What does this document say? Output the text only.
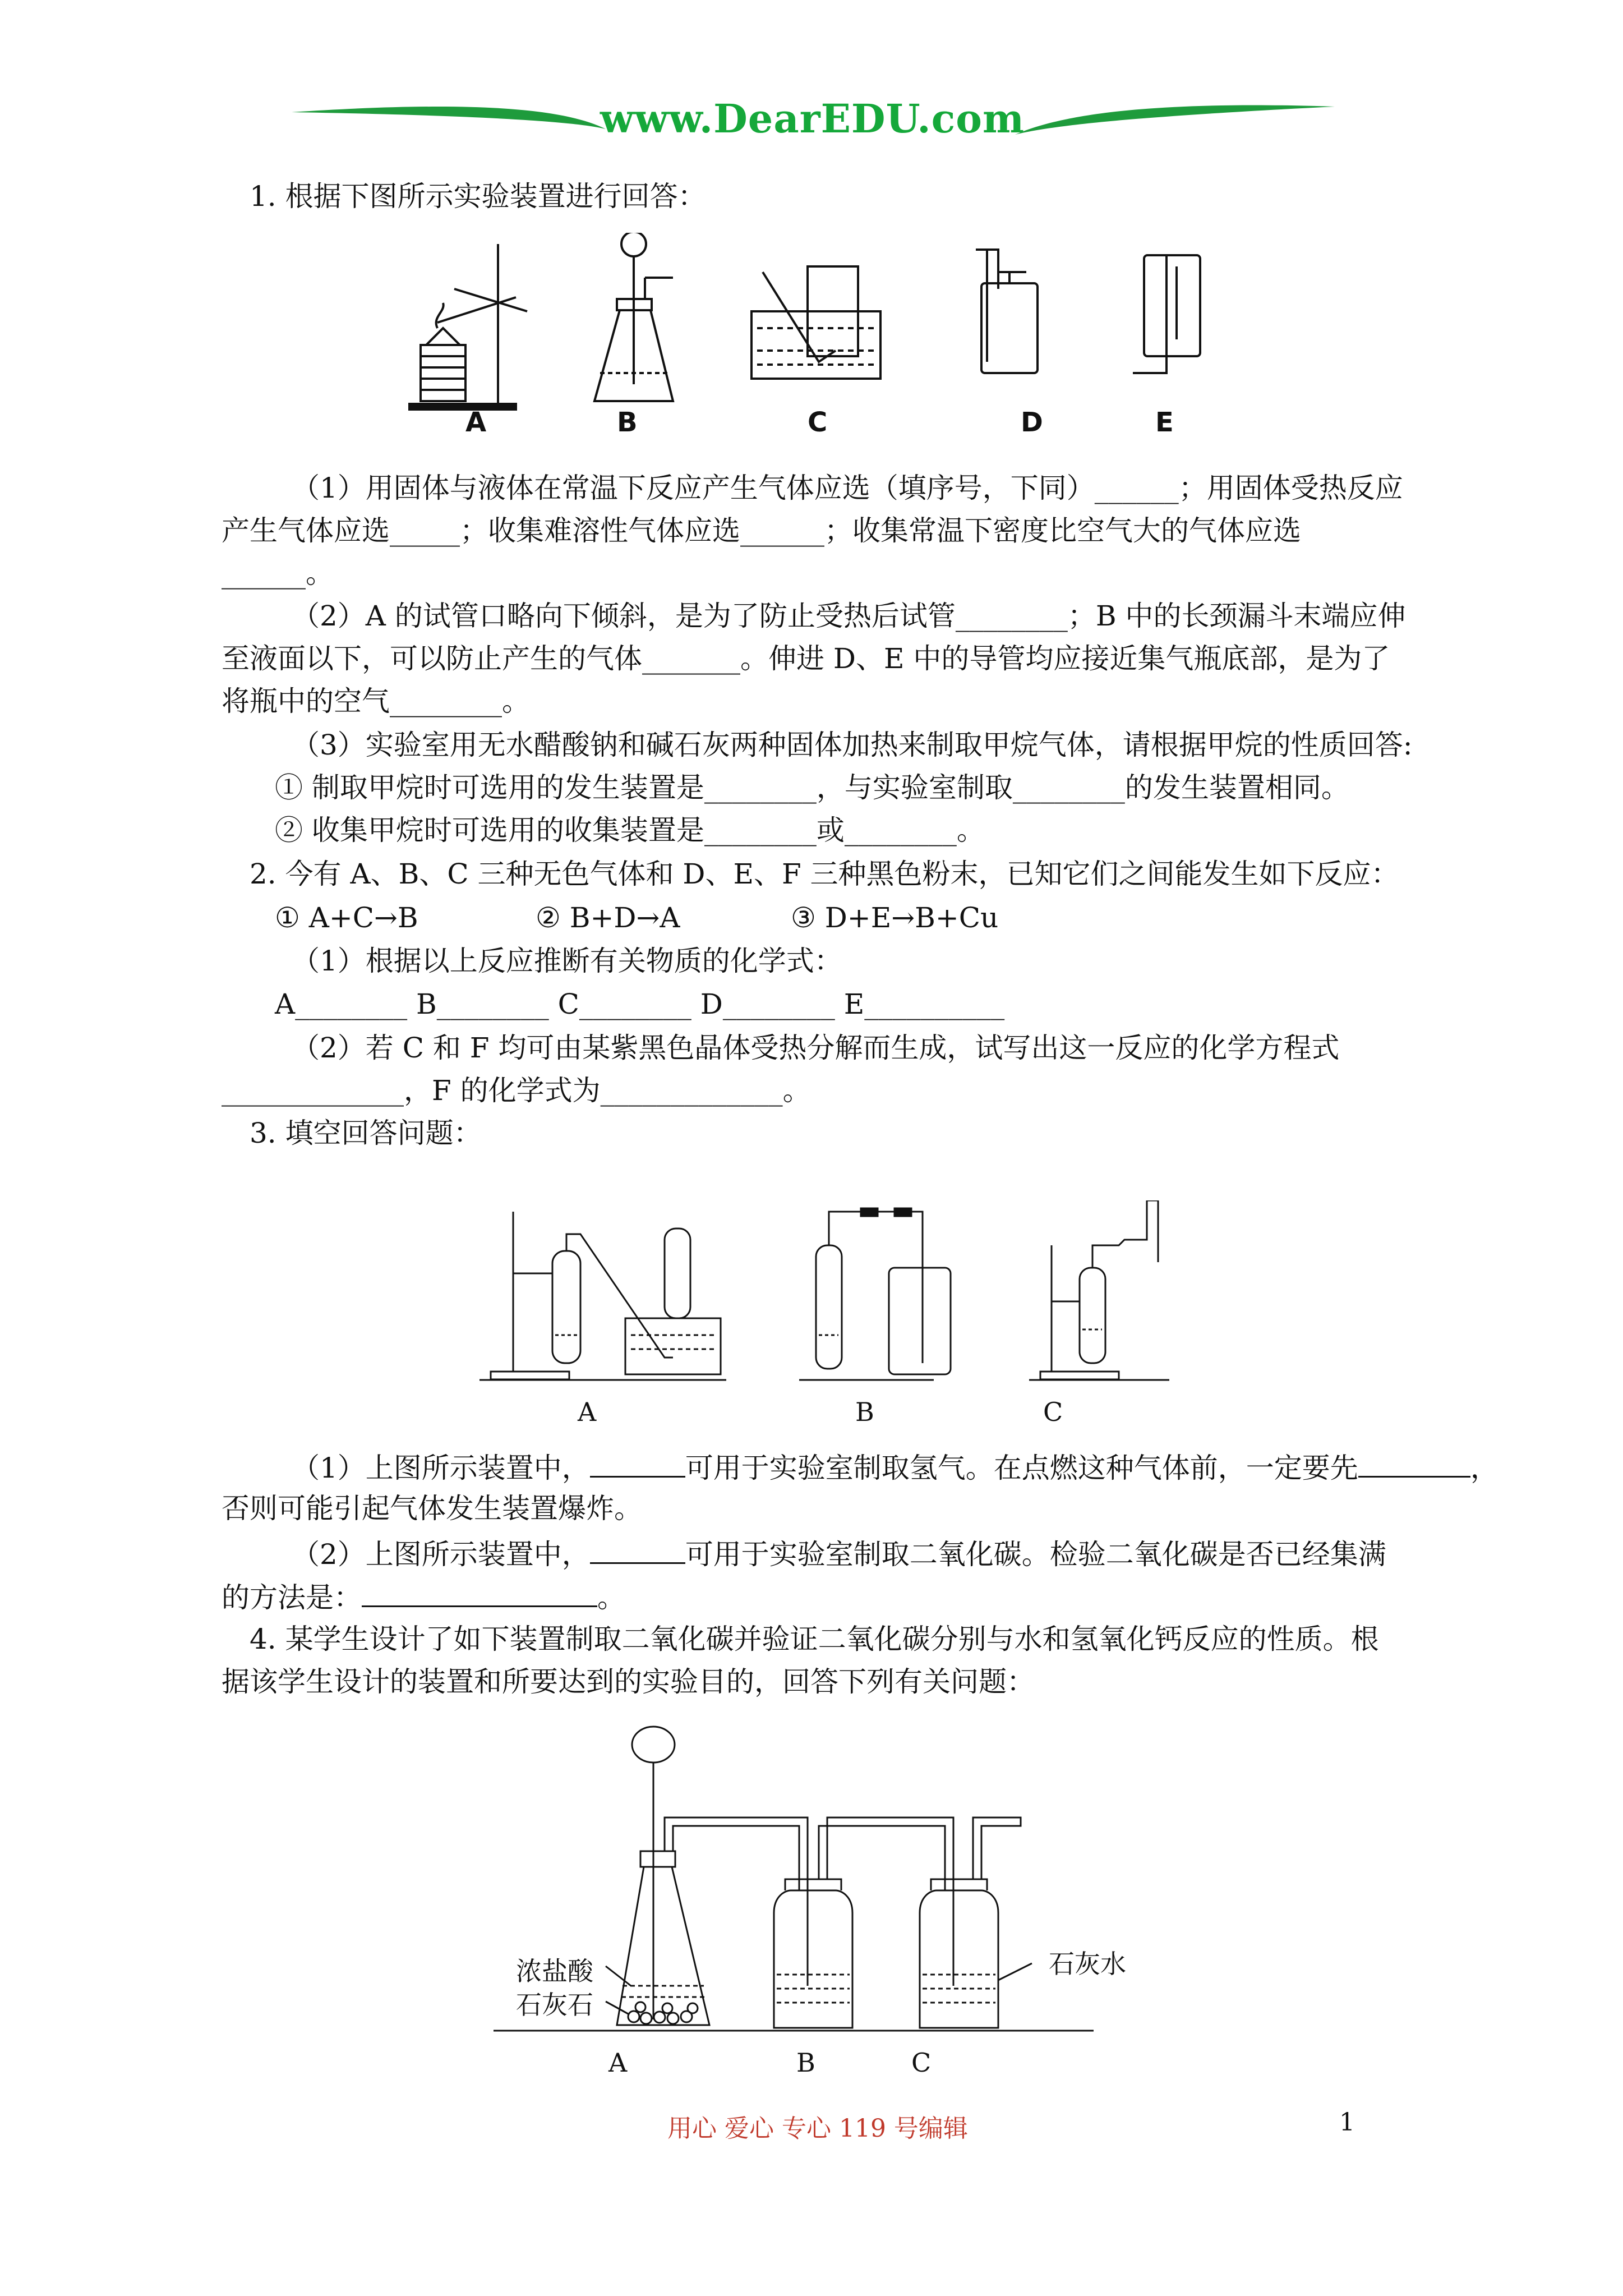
www.DearEDU.com
1. 根据下图所示实验装置进行回答：
A	B	C	D	E
（1）用固体与液体在常温下反应产生气体应选（填序号，下同）______；用固体受热反应
产生气体应选_____；收集难溶性气体应选______；收集常温下密度比空气大的气体应选
______。
（2）A 的试管口略向下倾斜，是为了防止受热后试管________；B 中的长颈漏斗末端应伸
至液面以下，可以防止产生的气体_______。伸进 D、E 中的导管均应接近集气瓶底部，是为了
将瓶中的空气________。
（3）实验室用无水醋酸钠和碱石灰两种固体加热来制取甲烷气体，请根据甲烷的性质回答:
① 制取甲烷时可选用的发生装置是________，与实验室制取________的发生装置相同。
② 收集甲烷时可选用的收集装置是________或________。
2. 今有 A、B、C 三种无色气体和 D、E、F 三种黑色粉末，已知它们之间能发生如下反应：
① A+C→B	② B+D→A	③ D+E→B+Cu
（1）根据以上反应推断有关物质的化学式：
A________ B________ C________ D________ E__________
（2）若 C 和 F 均可由某紫黑色晶体受热分解而生成，试写出这一反应的化学方程式
_____________，F 的化学式为_____________。
3. 填空回答问题：
A	B	C
（1）上图所示装置中，	可用于实验室制取氢气。在点燃这种气体前，一定要先	，
否则可能引起气体发生装置爆炸。
（2）上图所示装置中，	可用于实验室制取二氧化碳。检验二氧化碳是否已经集满
的方法是：	。
4. 某学生设计了如下装置制取二氧化碳并验证二氧化碳分别与水和氢氧化钙反应的性质。根
据该学生设计的装置和所要达到的实验目的，回答下列有关问题：
浓盐酸
石灰石
石灰水
A	B	C
用心 爱心 专心 119 号编辑	1
